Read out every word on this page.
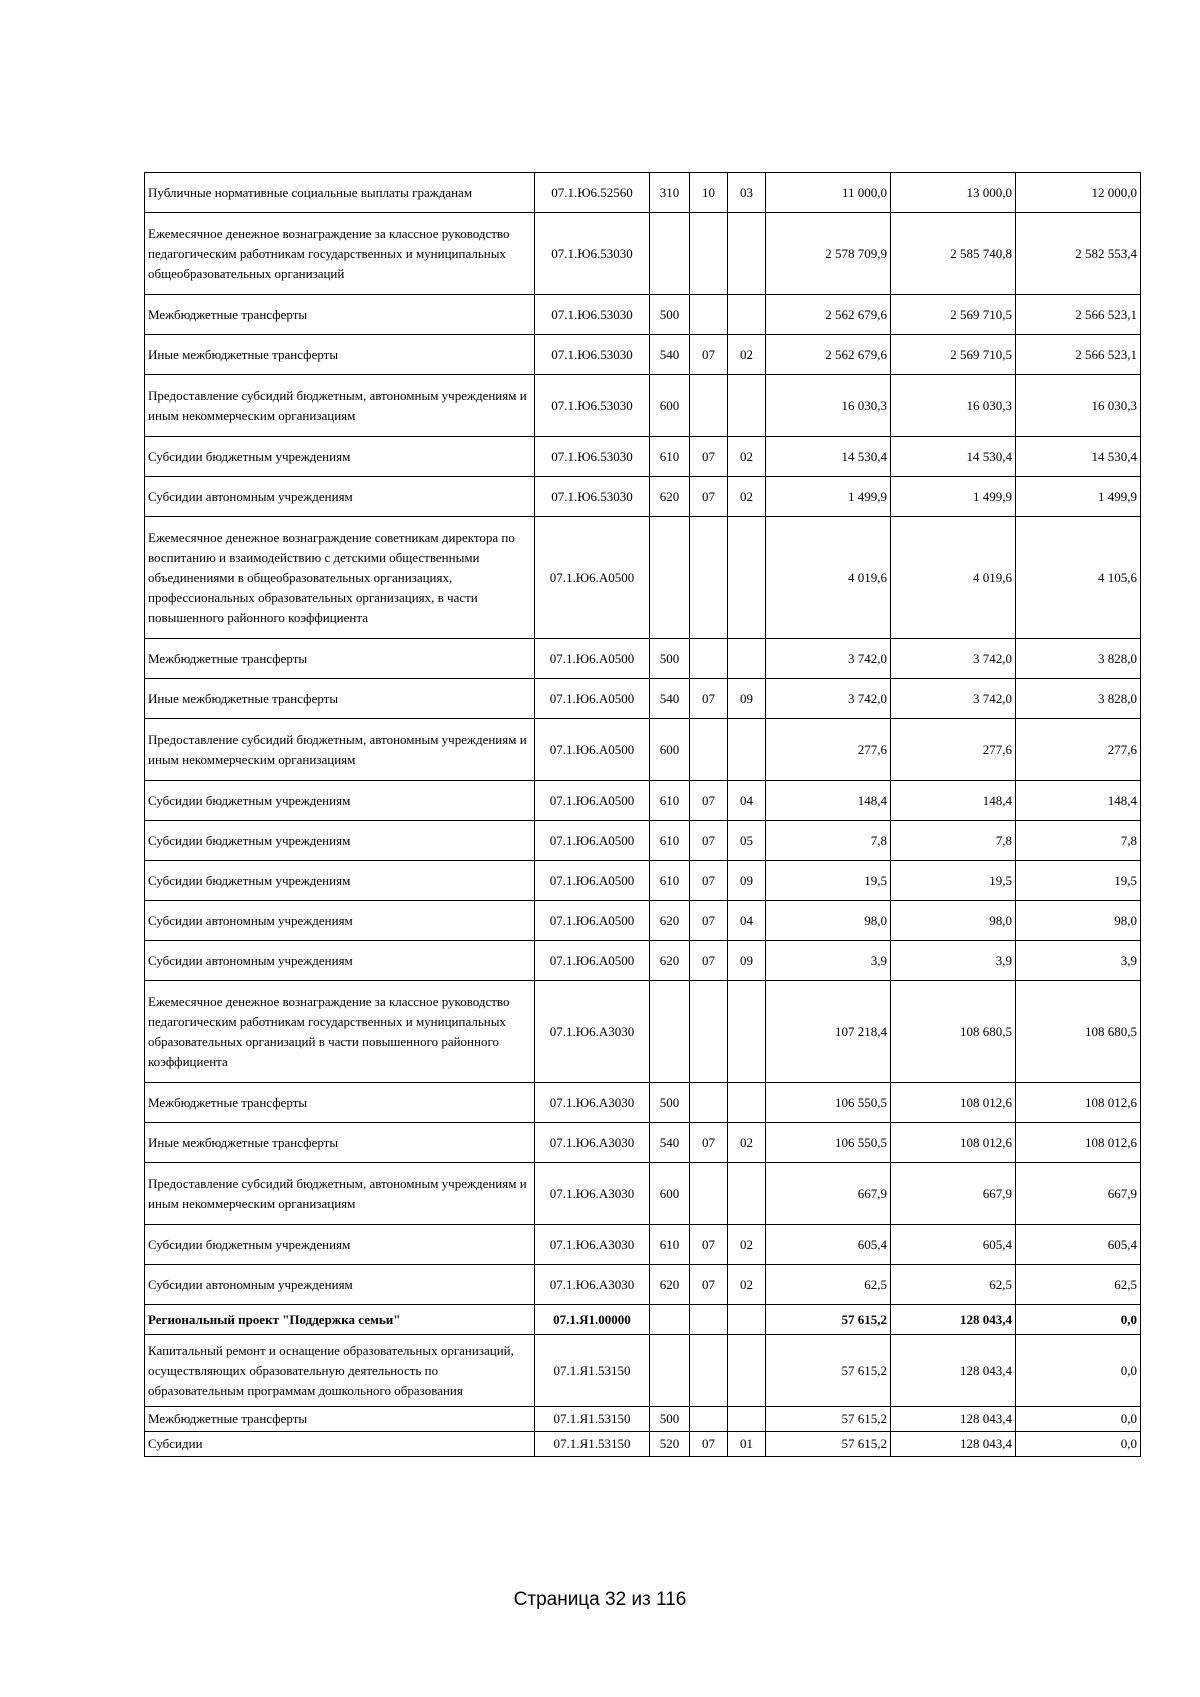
Публичные нормативные социальные выплаты гражданам	07.1.Ю6.52560	310	10	03	11 000,0	13 000,0	12 000,0
Ежемесячное денежное вознаграждение за классное руководство педагогическим работникам государственных и муниципальных общеобразовательных организаций	07.1.Ю6.53030				2 578 709,9	2 585 740,8	2 582 553,4
Межбюджетные трансферты	07.1.Ю6.53030	500			2 562 679,6	2 569 710,5	2 566 523,1
Иные межбюджетные трансферты	07.1.Ю6.53030	540	07	02	2 562 679,6	2 569 710,5	2 566 523,1
Предоставление субсидий бюджетным, автономным учреждениям и иным некоммерческим организациям	07.1.Ю6.53030	600			16 030,3	16 030,3	16 030,3
Субсидии бюджетным учреждениям	07.1.Ю6.53030	610	07	02	14 530,4	14 530,4	14 530,4
Субсидии автономным учреждениям	07.1.Ю6.53030	620	07	02	1 499,9	1 499,9	1 499,9
Ежемесячное денежное вознаграждение советникам директора по воспитанию и взаимодействию с детскими общественными объединениями в общеобразовательных организациях, профессиональных образовательных организациях, в части повышенного районного коэффициента	07.1.Ю6.А0500				4 019,6	4 019,6	4 105,6
Межбюджетные трансферты	07.1.Ю6.А0500	500			3 742,0	3 742,0	3 828,0
Иные межбюджетные трансферты	07.1.Ю6.А0500	540	07	09	3 742,0	3 742,0	3 828,0
Предоставление субсидий бюджетным, автономным учреждениям и иным некоммерческим организациям	07.1.Ю6.А0500	600			277,6	277,6	277,6
Субсидии бюджетным учреждениям	07.1.Ю6.А0500	610	07	04	148,4	148,4	148,4
Субсидии бюджетным учреждениям	07.1.Ю6.А0500	610	07	05	7,8	7,8	7,8
Субсидии бюджетным учреждениям	07.1.Ю6.А0500	610	07	09	19,5	19,5	19,5
Субсидии автономным учреждениям	07.1.Ю6.А0500	620	07	04	98,0	98,0	98,0
Субсидии автономным учреждениям	07.1.Ю6.А0500	620	07	09	3,9	3,9	3,9
Ежемесячное денежное вознаграждение за классное руководство педагогическим работникам государственных и муниципальных образовательных организаций в части повышенного районного коэффициента	07.1.Ю6.А3030				107 218,4	108 680,5	108 680,5
Межбюджетные трансферты	07.1.Ю6.А3030	500			106 550,5	108 012,6	108 012,6
Иные межбюджетные трансферты	07.1.Ю6.А3030	540	07	02	106 550,5	108 012,6	108 012,6
Предоставление субсидий бюджетным, автономным учреждениям и иным некоммерческим организациям	07.1.Ю6.А3030	600			667,9	667,9	667,9
Субсидии бюджетным учреждениям	07.1.Ю6.А3030	610	07	02	605,4	605,4	605,4
Субсидии автономным учреждениям	07.1.Ю6.А3030	620	07	02	62,5	62,5	62,5
Региональный проект "Поддержка семьи"	07.1.Я1.00000				57 615,2	128 043,4	0,0
Капитальный ремонт и оснащение образовательных организаций, осуществляющих образовательную деятельность по образовательным программам дошкольного образования	07.1.Я1.53150				57 615,2	128 043,4	0,0
Межбюджетные трансферты	07.1.Я1.53150	500			57 615,2	128 043,4	0,0
Субсидии	07.1.Я1.53150	520	07	01	57 615,2	128 043,4	0,0
Страница 32 из 116
